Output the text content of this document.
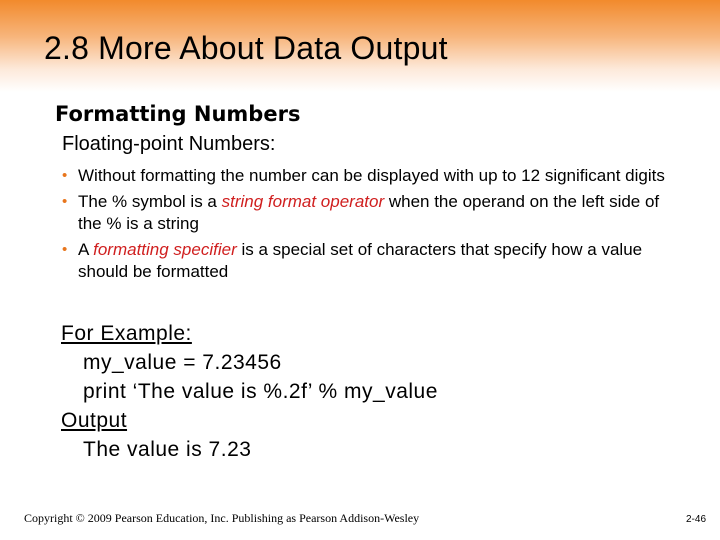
2.8 More About Data Output
Formatting Numbers
Floating-point Numbers:
• Without formatting the number can be displayed with up to 12 significant digits
• The % symbol is a string format operator when the operand on the left side of the % is a string
• A formatting specifier is a special set of characters that specify how a value should be formatted
For Example:
my_value = 7.23456
print ‘The value is %.2f’ % my_value
Output
The value is 7.23
Copyright © 2009 Pearson Education, Inc. Publishing as Pearson Addison-Wesley	2-46
